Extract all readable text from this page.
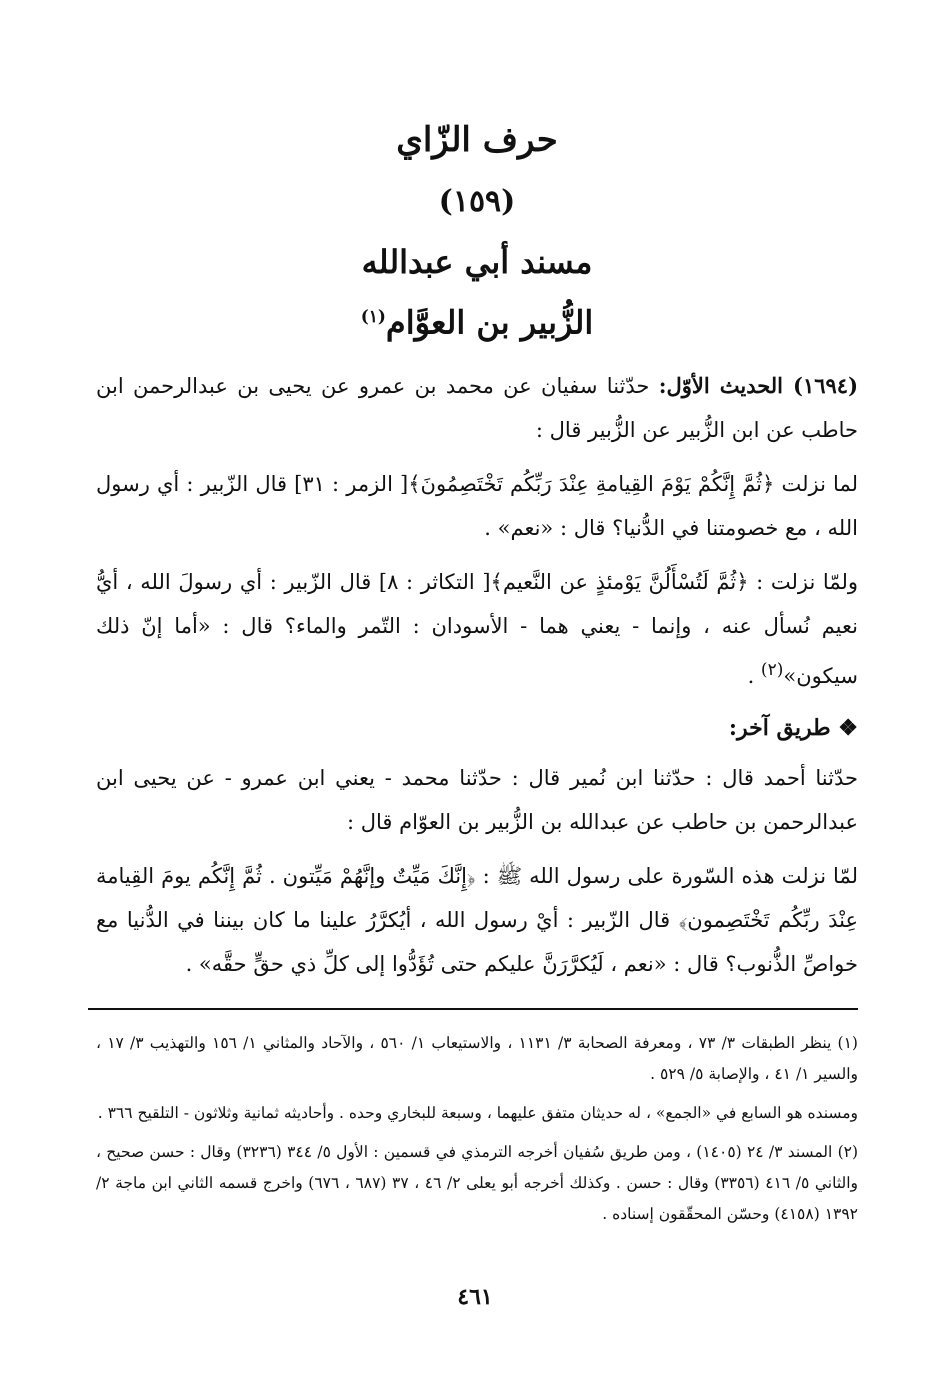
حرف الزّاي
(١٥٩)
مسند أبي عبدالله
الزُّبير بن العوَّام$^{(١)}$

(١٦٩٤) الحديث الأوّل: حدّثنا سفيان عن محمد بن عمرو عن يحيى بن عبدالرحمن ابن حاطب عن ابن الزُّبير عن الزُّبير قال :

لما نزلت ﴿ثُمَّ إِنَّكُمْ يَوْمَ القِيامةِ عِنْدَ رَبِّكُم تَخْتَصِمُونَ﴾[ الزمر : ٣١] قال الزّبير : أي رسول الله ، مع خصومتنا في الدُّنيا؟ قال : «نعم» .

ولمّا نزلت : ﴿ثُمَّ لَتُسْأَلُنَّ يَوْمئذٍ عن النَّعيم﴾[ التكاثر : ٨] قال الزّبير : أي رسولَ الله ، أيُّ نعيم نُسأل عنه ، وإنما - يعني هما - الأسودان : التّمر والماء؟ قال : «أما إنّ ذلك سيكون»$^{(٢)}$ .

❖ طريق آخر:

حدّثنا أحمد قال : حدّثنا ابن نُمير قال : حدّثنا محمد - يعني ابن عمرو - عن يحيى ابن عبدالرحمن بن حاطب عن عبدالله بن الزُّبير بن العوّام قال :

لمّا نزلت هذه السّورة على رسول الله ﷺ : ﴿إِنَّكَ مَيِّتٌ وإنَّهُمْ مَيِّتون . ثُمَّ إِنَّكُم يومَ القِيامة عِنْدَ ربِّكُم تَخْتَصِمون﴾ قال الزّبير : أيْ رسول الله ، أيُكرَّرُ علينا ما كان بيننا في الدُّنيا مع خواصِّ الذُّنوب؟ قال : «نعم ، لَيُكرَّرَنَّ عليكم حتى تُؤَدُّوا إلى كلِّ ذي حقٍّ حقَّه» .

(١) ينظر الطبقات ٣/ ٧٣ ، ومعرفة الصحابة ٣/ ١١٣١ ، والاستيعاب ١/ ٥٦٠ ، والآحاد والمثاني ١/ ١٥٦ والتهذيب ٣/ ١٧ ، والسير ١/ ٤١ ، والإصابة ٥/ ٥٢٩ .

ومسنده هو السابع في «الجمع» ، له حديثان متفق عليهما ، وسبعة للبخاري وحده . وأحاديثه ثمانية وثلاثون - التلقيح ٣٦٦ .

(٢) المسند ٣/ ٢٤ (١٤٠٥) ، ومن طريق سُفيان أخرجه الترمذي في قسمين : الأول ٥/ ٣٤٤ (٣٢٣٦) وقال : حسن صحيح ، والثاني ٥/ ٤١٦ (٣٣٥٦) وقال : حسن . وكذلك أخرجه أبو يعلى ٢/ ٤٦ ، ٣٧ (٦٨٧ ، ٦٧٦) واخرج قسمه الثاني ابن ماجة ٢/ ١٣٩٢ (٤١٥٨) وحسّن المحقّقون إسناده .

٤٦١
